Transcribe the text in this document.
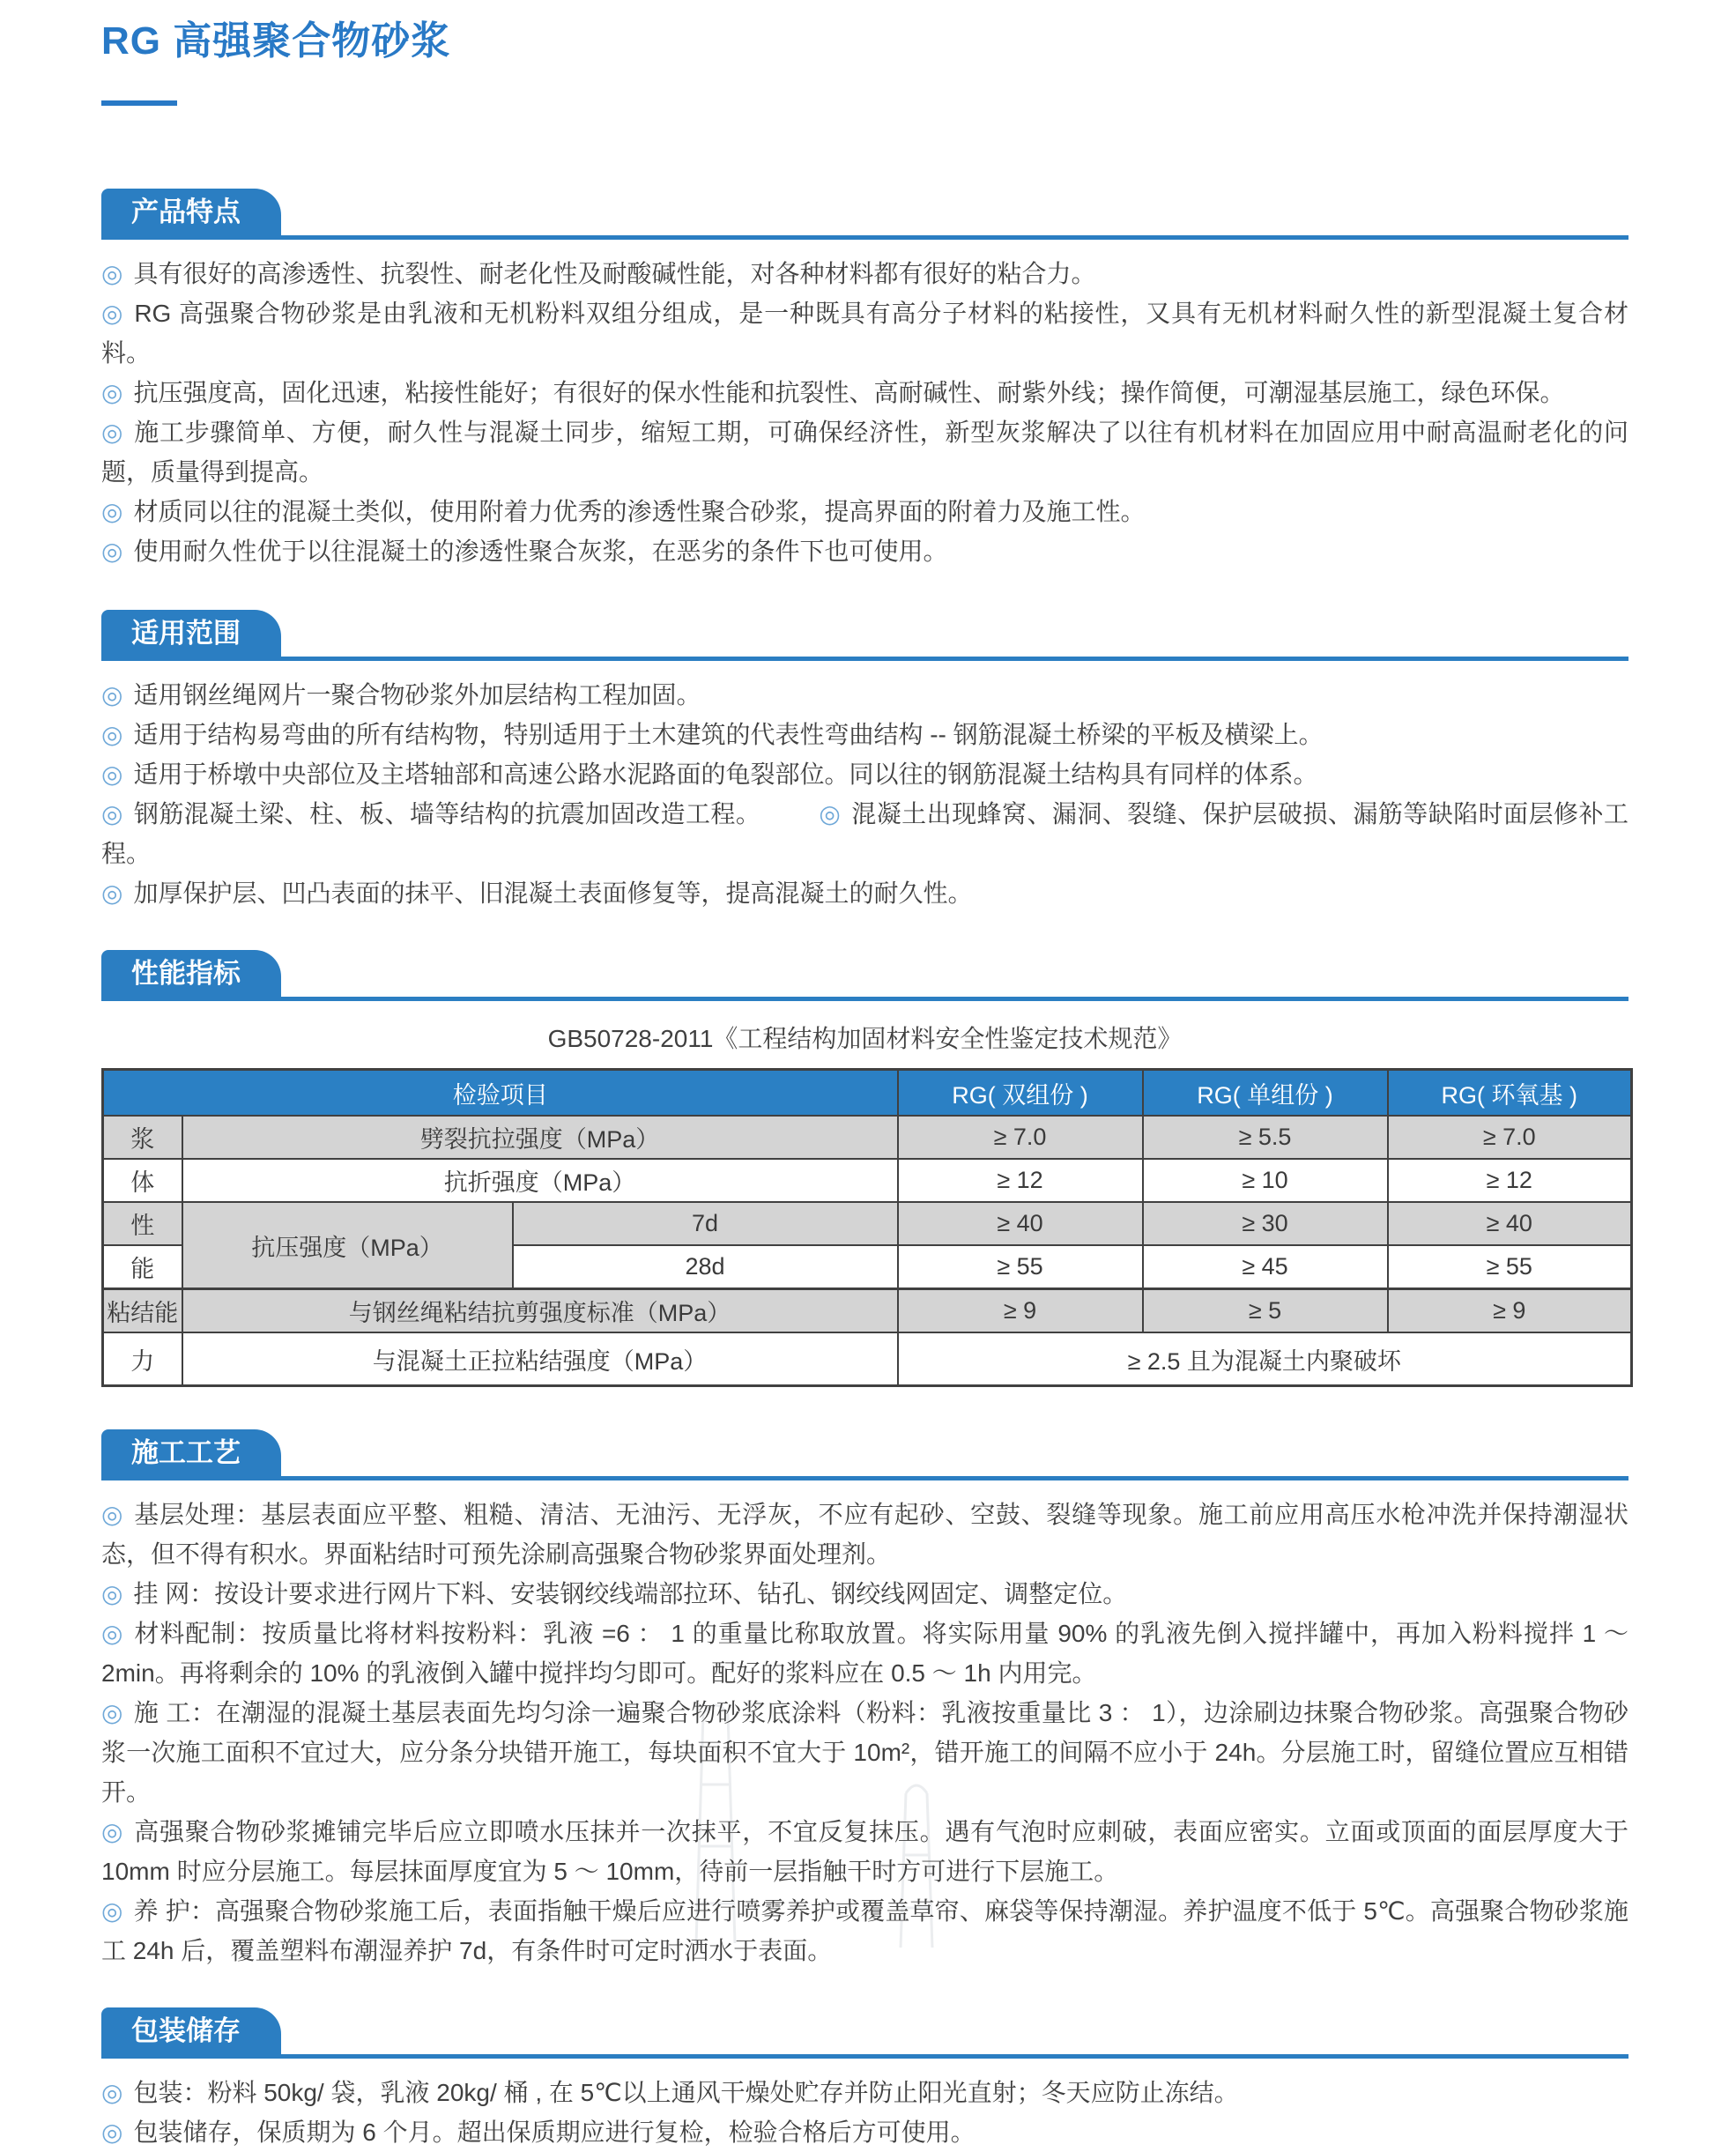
RG 高强聚合物砂浆
产品特点

◎ 具有很好的高渗透性、抗裂性、耐老化性及耐酸碱性能，对各种材料都有很好的粘合力。

◎ RG 高强聚合物砂浆是由乳液和无机粉料双组分组成，是一种既具有高分子材料的粘接性，又具有无机材料耐久性的新型混凝土复合材料。

◎ 抗压强度高，固化迅速，粘接性能好；有很好的保水性能和抗裂性、高耐碱性、耐紫外线；操作简便，可潮湿基层施工，绿色环保。

◎ 施工步骤简单、方便，耐久性与混凝土同步，缩短工期，可确保经济性，新型灰浆解决了以往有机材料在加固应用中耐高温耐老化的问题，质量得到提高。

◎ 材质同以往的混凝土类似，使用附着力优秀的渗透性聚合砂浆，提高界面的附着力及施工性。

◎ 使用耐久性优于以往混凝土的渗透性聚合灰浆，在恶劣的条件下也可使用。

适用范围

◎ 适用钢丝绳网片一聚合物砂浆外加层结构工程加固。

◎ 适用于结构易弯曲的所有结构物，特别适用于土木建筑的代表性弯曲结构 -- 钢筋混凝土桥梁的平板及横梁上。

◎ 适用于桥墩中央部位及主塔轴部和高速公路水泥路面的龟裂部位。同以往的钢筋混凝土结构具有同样的体系。

◎ 钢筋混凝土梁、柱、板、墙等结构的抗震加固改造工程。 ◎ 混凝土出现蜂窝、漏洞、裂缝、保护层破损、漏筋等缺陷时面层修补工程。

◎ 加厚保护层、凹凸表面的抹平、旧混凝土表面修复等，提高混凝土的耐久性。

性能指标

GB50728-2011《工程结构加固材料安全性鉴定技术规范》

检验项目			RG( 双组份 )	RG( 单组份 )	RG( 环氧基 )
浆	劈裂抗拉强度（MPa）		≥ 7.0	≥ 5.5	≥ 7.0
体	抗折强度（MPa）		≥ 12	≥ 10	≥ 12
性	抗压强度（MPa）	7d	≥ 40	≥ 30	≥ 40
能		28d	≥ 55	≥ 45	≥ 55
粘结能	与钢丝绳粘结抗剪强度标准（MPa）		≥ 9	≥ 5	≥ 9
力	与混凝土正拉粘结强度（MPa）		≥ 2.5 且为混凝土内聚破坏		
施工工艺

◎ 基层处理：基层表面应平整、粗糙、清洁、无油污、无浮灰，不应有起砂、空鼓、裂缝等现象。施工前应用高压水枪冲洗并保持潮湿状态，但不得有积水。界面粘结时可预先涂刷高强聚合物砂浆界面处理剂。

◎ 挂 网：按设计要求进行网片下料、安装钢绞线端部拉环、钻孔、钢绞线网固定、调整定位。

◎ 材料配制：按质量比将材料按粉料：乳液 =6 ： 1 的重量比称取放置。将实际用量 90% 的乳液先倒入搅拌罐中，再加入粉料搅拌 1 ～ 2min。再将剩余的 10% 的乳液倒入罐中搅拌均匀即可。配好的浆料应在 0.5 ～ 1h 内用完。

◎ 施 工：在潮湿的混凝土基层表面先均匀涂一遍聚合物砂浆底涂料（粉料：乳液按重量比 3 ： 1），边涂刷边抹聚合物砂浆。高强聚合物砂浆一次施工面积不宜过大，应分条分块错开施工，每块面积不宜大于 10m²，错开施工的间隔不应小于 24h。分层施工时，留缝位置应互相错开。

◎ 高强聚合物砂浆摊铺完毕后应立即喷水压抹并一次抹平，不宜反复抹压。遇有气泡时应刺破，表面应密实。立面或顶面的面层厚度大于 10mm 时应分层施工。每层抹面厚度宜为 5 ～ 10mm，待前一层指触干时方可进行下层施工。

◎ 养 护：高强聚合物砂浆施工后，表面指触干燥后应进行喷雾养护或覆盖草帘、麻袋等保持潮湿。养护温度不低于 5℃。高强聚合物砂浆施工 24h 后，覆盖塑料布潮湿养护 7d，有条件时可定时洒水于表面。

包装储存

◎ 包装：粉料 50kg/ 袋，乳液 20kg/ 桶 , 在 5℃以上通风干燥处贮存并防止阳光直射；冬天应防止冻结。

◎ 包装储存，保质期为 6 个月。超出保质期应进行复检，检验合格后方可使用。
